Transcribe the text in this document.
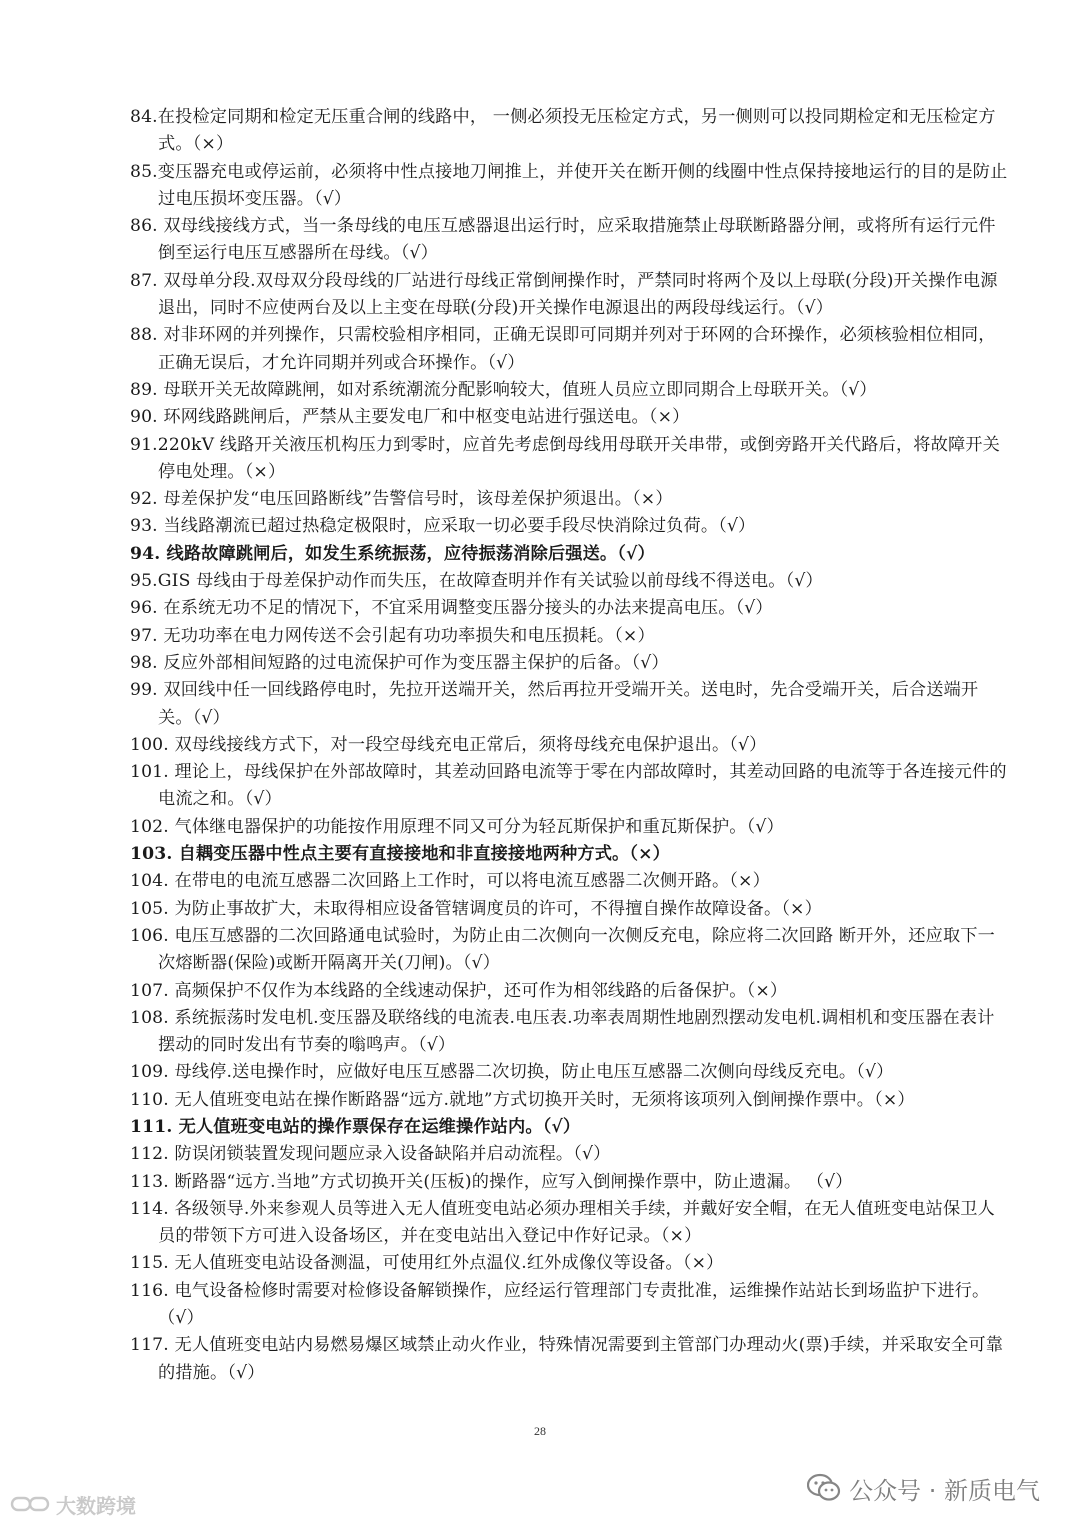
84.在投检定同期和检定无压重合闸的线路中， 一侧必须投无压检定方式，另一侧则可以投同期检定和无压检定方式。（×）
85.变压器充电或停运前，必须将中性点接地刀闸推上，并使开关在断开侧的线圈中性点保持接地运行的目的是防止过电压损坏变压器。（√）
86. 双母线接线方式，当一条母线的电压互感器退出运行时，应采取措施禁止母联断路器分闸，或将所有运行元件倒至运行电压互感器所在母线。（√）
87. 双母单分段.双母双分段母线的厂站进行母线正常倒闸操作时，严禁同时将两个及以上母联(分段)开关操作电源退出，同时不应使两台及以上主变在母联(分段)开关操作电源退出的两段母线运行。（√）
88. 对非环网的并列操作，只需校验相序相同，正确无误即可同期并列对于环网的合环操作，必须核验相位相同，正确无误后，才允许同期并列或合环操作。（√）
89. 母联开关无故障跳闸，如对系统潮流分配影响较大，值班人员应立即同期合上母联开关。（√）
90. 环网线路跳闸后，严禁从主要发电厂和中枢变电站进行强送电。（×）
91.220kV 线路开关液压机构压力到零时，应首先考虑倒母线用母联开关串带，或倒旁路开关代路后，将故障开关停电处理。（×）
92. 母差保护发“电压回路断线”告警信号时，该母差保护须退出。（×）
93. 当线路潮流已超过热稳定极限时，应采取一切必要手段尽快消除过负荷。（√）
94. 线路故障跳闸后，如发生系统振荡，应待振荡消除后强送。（√）
95.GIS 母线由于母差保护动作而失压，在故障查明并作有关试验以前母线不得送电。（√）
96. 在系统无功不足的情况下，不宜采用调整变压器分接头的办法来提高电压。（√）
97. 无功功率在电力网传送不会引起有功功率损失和电压损耗。（×）
98. 反应外部相间短路的过电流保护可作为变压器主保护的后备。（√）
99. 双回线中任一回线路停电时，先拉开送端开关，然后再拉开受端开关。送电时，先合受端开关，后合送端开关。（√）
100. 双母线接线方式下，对一段空母线充电正常后，须将母线充电保护退出。（√）
101. 理论上，母线保护在外部故障时，其差动回路电流等于零在内部故障时，其差动回路的电流等于各连接元件的电流之和。（√）
102. 气体继电器保护的功能按作用原理不同又可分为轻瓦斯保护和重瓦斯保护。（√）
103. 自耦变压器中性点主要有直接接地和非直接接地两种方式。（×）
104. 在带电的电流互感器二次回路上工作时，可以将电流互感器二次侧开路。（×）
105. 为防止事故扩大，未取得相应设备管辖调度员的许可，不得擅自操作故障设备。（×）
106. 电压互感器的二次回路通电试验时，为防止由二次侧向一次侧反充电，除应将二次回路 断开外，还应取下一次熔断器(保险)或断开隔离开关(刀闸)。（√）
107. 高频保护不仅作为本线路的全线速动保护，还可作为相邻线路的后备保护。（×）
108. 系统振荡时发电机.变压器及联络线的电流表.电压表.功率表周期性地剧烈摆动发电机.调相机和变压器在表计摆动的同时发出有节奏的嗡鸣声。（√）
109. 母线停.送电操作时，应做好电压互感器二次切换，防止电压互感器二次侧向母线反充电。（√）
110. 无人值班变电站在操作断路器“远方.就地”方式切换开关时，无须将该项列入倒闸操作票中。（×）
111. 无人值班变电站的操作票保存在运维操作站内。（√）
112. 防误闭锁装置发现问题应录入设备缺陷并启动流程。（√）
113. 断路器“远方.当地”方式切换开关(压板)的操作，应写入倒闸操作票中，防止遗漏。 （√）
114. 各级领导.外来参观人员等进入无人值班变电站必须办理相关手续，并戴好安全帽，在无人值班变电站保卫人员的带领下方可进入设备场区，并在变电站出入登记中作好记录。（×）
115. 无人值班变电站设备测温，可使用红外点温仪.红外成像仪等设备。（×）
116. 电气设备检修时需要对检修设备解锁操作，应经运行管理部门专责批准，运维操作站站长到场监护下进行。（√）
117. 无人值班变电站内易燃易爆区域禁止动火作业，特殊情况需要到主管部门办理动火(票)手续，并采取安全可靠的措施。（√）
28
公众号 · 新质电气
大数跨境
